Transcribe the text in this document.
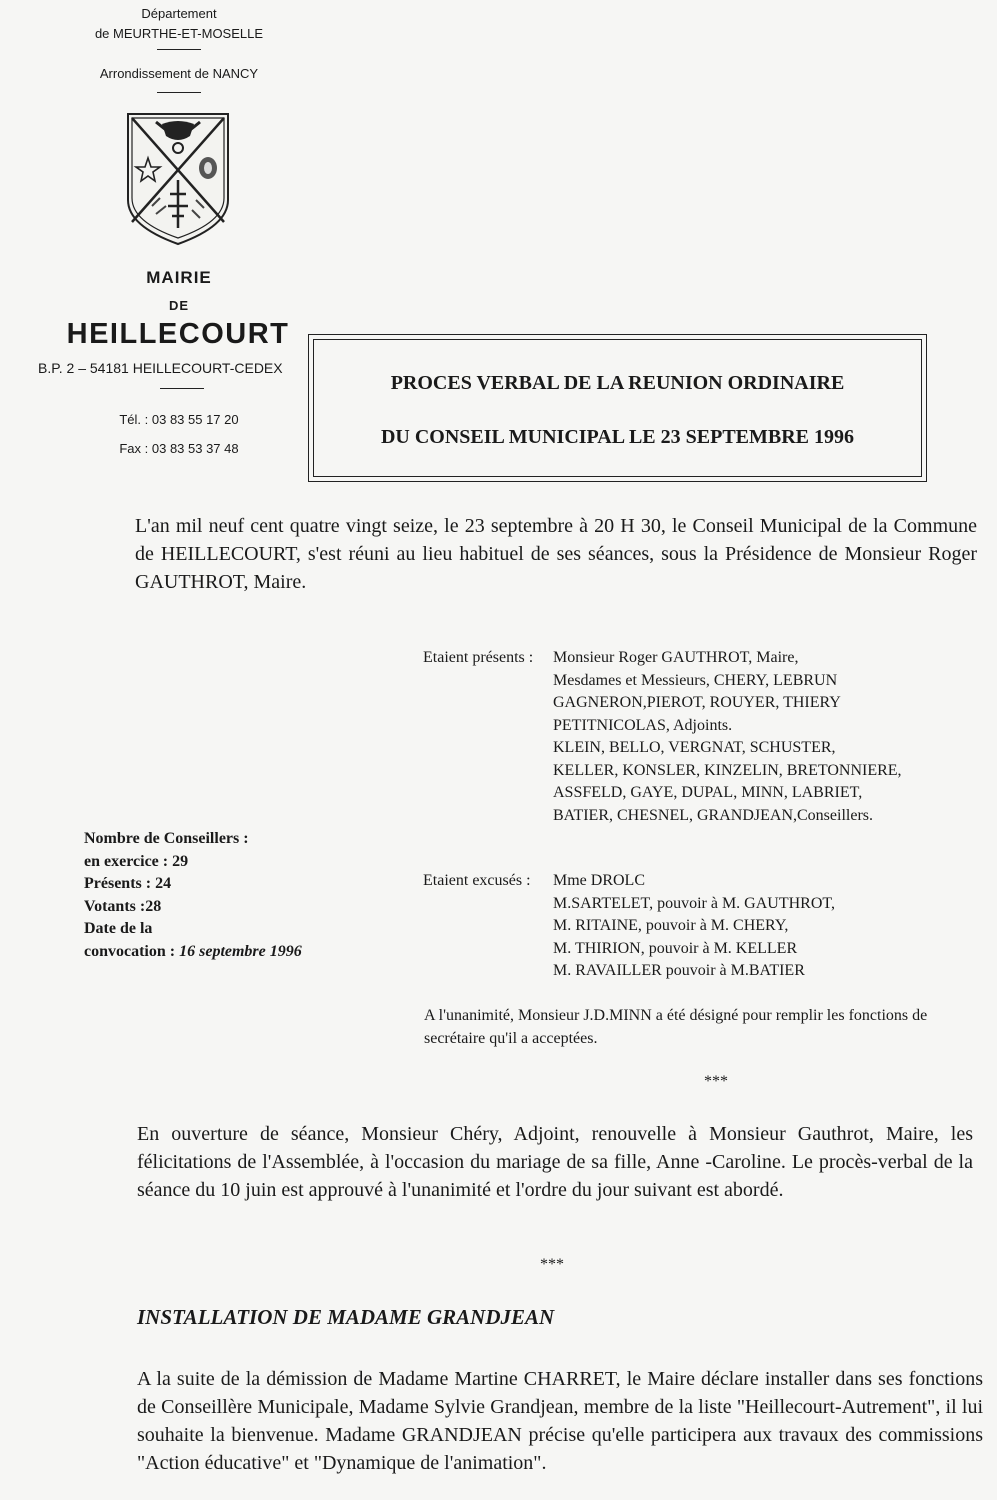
Département
de MEURTHE-ET-MOSELLE
Arrondissement de NANCY
MAIRIE
DE
HEILLECOURT
B.P. 2 – 54181 HEILLECOURT-CEDEX
Tél. : 03 83 55 17 20
Fax : 03 83 53 37 48
PROCES VERBAL DE LA REUNION ORDINAIRE
DU CONSEIL MUNICIPAL LE 23 SEPTEMBRE 1996
L'an mil neuf cent quatre vingt seize, le 23 septembre à 20 H 30, le Conseil Municipal de la Commune de HEILLECOURT, s'est réuni au lieu habituel de ses séances, sous la Présidence de Monsieur Roger GAUTHROT, Maire.
Etaient présents : Monsieur Roger GAUTHROT, Maire,
Mesdames et Messieurs, CHERY, LEBRUN
GAGNERON,PIEROT, ROUYER, THIERY
PETITNICOLAS, Adjoints.
KLEIN, BELLO, VERGNAT, SCHUSTER,
KELLER, KONSLER, KINZELIN, BRETONNIERE,
ASSFELD, GAYE, DUPAL, MINN, LABRIET,
BATIER, CHESNEL, GRANDJEAN,Conseillers.
Nombre de Conseillers :
en exercice : 29
Présents : 24
Votants :28
Date de la
convocation : 16 septembre 1996
Etaient excusés : Mme DROLC
M.SARTELET, pouvoir à M. GAUTHROT,
M. RITAINE, pouvoir à M. CHERY,
M. THIRION, pouvoir à M. KELLER
M. RAVAILLER pouvoir à M.BATIER
A l'unanimité, Monsieur J.D.MINN a été désigné pour remplir les fonctions de secrétaire qu'il a acceptées.
***
En ouverture de séance, Monsieur Chéry, Adjoint, renouvelle à Monsieur Gauthrot, Maire, les félicitations de l'Assemblée, à l'occasion du mariage de sa fille, Anne -Caroline. Le procès-verbal de la séance du 10 juin est approuvé à l'unanimité et l'ordre du jour suivant est abordé.
***
INSTALLATION DE MADAME GRANDJEAN
A la suite de la démission de Madame Martine CHARRET, le Maire déclare installer dans ses fonctions de Conseillère Municipale, Madame Sylvie Grandjean, membre de la liste "Heillecourt-Autrement", il lui souhaite la bienvenue. Madame GRANDJEAN précise qu'elle participera aux travaux des commissions "Action éducative" et "Dynamique de l'animation".
